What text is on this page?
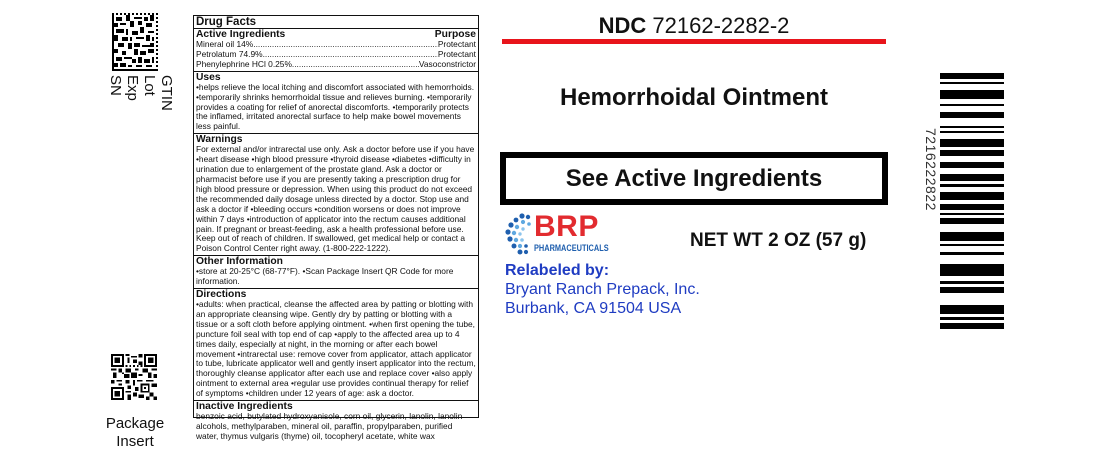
GTIN
Lot
Exp
SN
Package
Insert
Drug Facts
Active Ingredients	Purpose
Mineral oil 14% .....	Protectant
Petrolatum 74.9% .....	Protectant
Phenylephrine HCl 0.25% .....	Vasoconstrictor
Uses
•helps relieve the local itching and discomfort associated with hemorrhoids. •temporarily shrinks hemorrhoidal tissue and relieves burning. •temporarily provides a coating for relief of anorectal discomforts. •temporarily protects the inflamed, irritated anorectal surface to help make bowel movements less painful.
Warnings
For external and/or intrarectal use only. Ask a doctor before use if you have •heart disease •high blood pressure •thyroid disease •diabetes •difficulty in urination due to enlargement of the prostate gland. Ask a doctor or pharmacist before use if you are presently taking a prescription drug for high blood pressure or depression. When using this product do not exceed the recommended daily dosage unless directed by a doctor. Stop use and ask a doctor if •bleeding occurs •condition worsens or does not improve within 7 days •introduction of applicator into the rectum causes additional pain. If pregnant or breast-feeding, ask a health professional before use. Keep out of reach of children. If swallowed, get medical help or contact a Poison Control Center right away. (1-800-222-1222).
Other Information
•store at 20-25°C (68-77°F). •Scan Package Insert QR Code for more information.
Directions
•adults: when practical, cleanse the affected area by patting or blotting with an appropriate cleansing wipe. Gently dry by patting or blotting with a tissue or a soft cloth before applying ointment. •when first opening the tube, puncture foil seal with top end of cap •apply to the affected area up to 4 times daily, especially at night, in the morning or after each bowel movement •intrarectal use: remove cover from applicator, attach applicator to tube, lubricate applicator well and gently insert applicator into the rectum, thoroughly cleanse applicator after each use and replace cover •also apply ointment to external area •regular use provides continual therapy for relief of symptoms •children under 12 years of age: ask a doctor.
Inactive Ingredients
benzoic acid, butylated hydroxyanisole, corn oil, glycerin, lanolin, lanolin alcohols, methylparaben, mineral oil, paraffin, propylparaben, purified water, thymus vulgaris (thyme) oil, tocopheryl acetate, white wax
NDC 72162-2282-2
Hemorrhoidal Ointment
See Active Ingredients
BRP
PHARMACEUTICALS	NET WT 2 OZ (57 g)
Relabeled by:
Bryant Ranch Prepack, Inc.
Burbank, CA 91504 USA
7216222822
